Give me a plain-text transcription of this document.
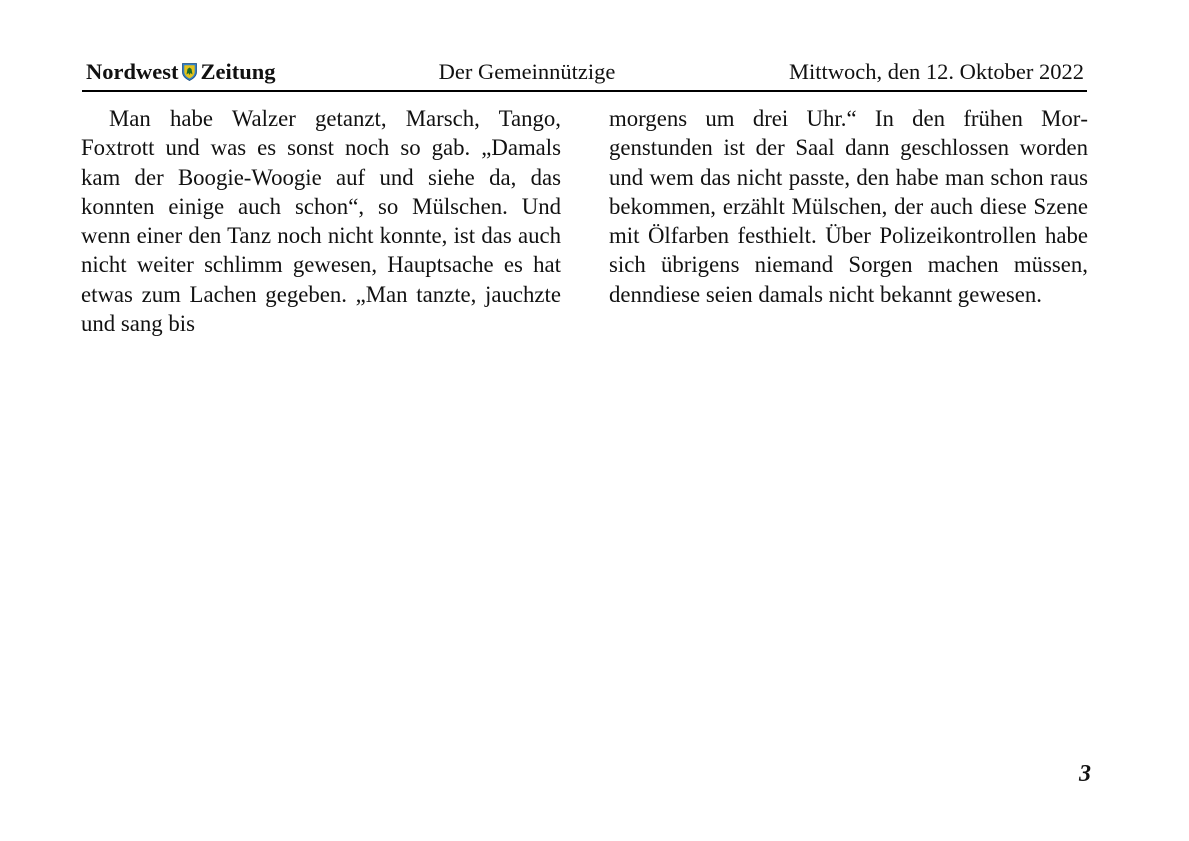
Nordwest Zeitung	Der Gemeinnützige	Mittwoch, den 12. Oktober 2022

Man habe Walzer getanzt, Marsch, Tango, Foxtrott und was es sonst noch so gab. „Damals kam der Boogie-Woogie auf und siehe da, das konnten einige auch schon“, so Mülschen. Und wenn einer den Tanz noch nicht konnte, ist das auch nicht weiter schlimm gewesen, Hauptsache es hat etwas zum Lachen gegeben. „Man tanzte, jauchzte und sang bis

morgens um drei Uhr.“ In den frühen Morgenstunden ist der Saal dann geschlossen worden und wem das nicht passte, den habe man schon raus bekommen, erzählt Mülschen, der auch diese Szene mit Ölfarben festhielt. Über Polizeikontrollen habe sich übrigens niemand Sorgen machen müssen, denndiese seien damals nicht bekannt gewesen.

3
